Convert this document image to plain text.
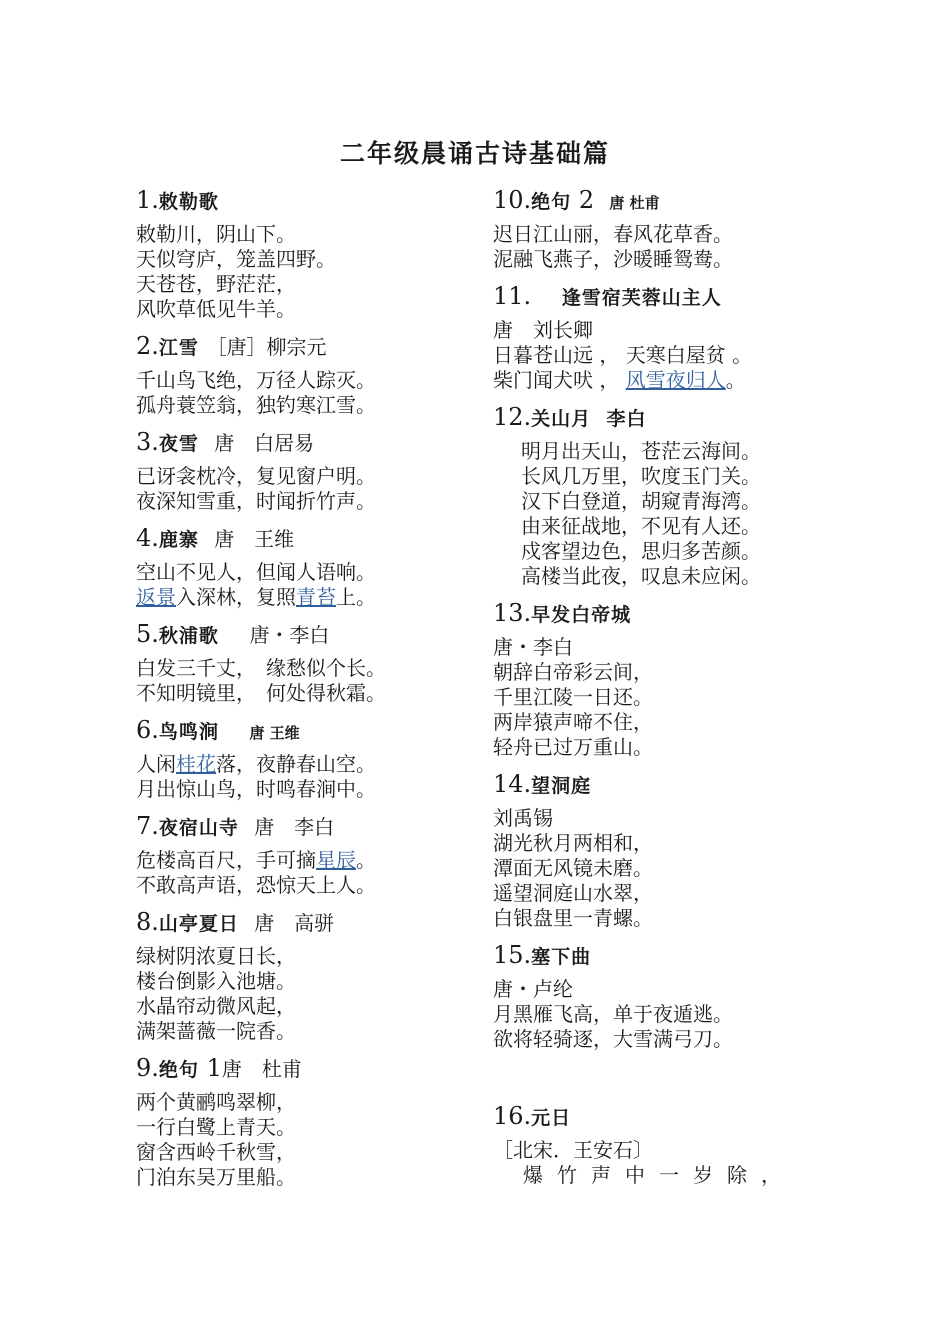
二年级晨诵古诗基础篇
1.敕勒歌
敕勒川，阴山下。
天似穹庐，笼盖四野。
天苍苍，野茫茫，
风吹草低见牛羊。
2.江雪 ［唐］柳宗元
千山鸟飞绝，万径人踪灭。
孤舟蓑笠翁，独钓寒江雪。
3.夜雪 唐　白居易
已讶衾枕冷，复见窗户明。
夜深知雪重，时闻折竹声。
4.鹿寨 唐　王维
空山不见人，但闻人语响。
返景入深林，复照青苔上。
5.秋浦歌 唐・李白
白发三千丈，　缘愁似个长。
不知明镜里，　何处得秋霜。
6.鸟鸣涧 唐 王维
人闲桂花落，夜静春山空。
月出惊山鸟，时鸣春涧中。
7.夜宿山寺 唐　李白
危楼高百尺，手可摘星辰。
不敢高声语，恐惊天上人。
8.山亭夏日 唐　高骈
绿树阴浓夏日长，
楼台倒影入池塘。
水晶帘动微风起，
满架蔷薇一院香。
9.绝句 1唐　杜甫
两个黄鹂鸣翠柳，
一行白鹭上青天。
窗含西岭千秋雪，
门泊东吴万里船。
10.绝句 2 唐 杜甫
迟日江山丽，春风花草香。
泥融飞燕子，沙暖睡鸳鸯。
11. 逢雪宿芙蓉山主人
唐　刘长卿
日暮苍山远 ， 天寒白屋贫 。
柴门闻犬吠 ， 风雪夜归人。
12.关山月 李白
明月出天山，苍茫云海间。
长风几万里，吹度玉门关。
汉下白登道，胡窥青海湾。
由来征战地，不见有人还。
戍客望边色，思归多苦颜。
高楼当此夜，叹息未应闲。
13.早发白帝城
唐・李白
朝辞白帝彩云间，
千里江陵一日还。
两岸猿声啼不住，
轻舟已过万重山。
14.望洞庭
刘禹锡
湖光秋月两相和，
潭面无风镜未磨。
遥望洞庭山水翠，
白银盘里一青螺。
15.塞下曲
唐・卢纶
月黑雁飞高，单于夜遁逃。
欲将轻骑逐，大雪满弓刀。
16.元日
［北宋．王安石〕
爆竹声中一岁除，
